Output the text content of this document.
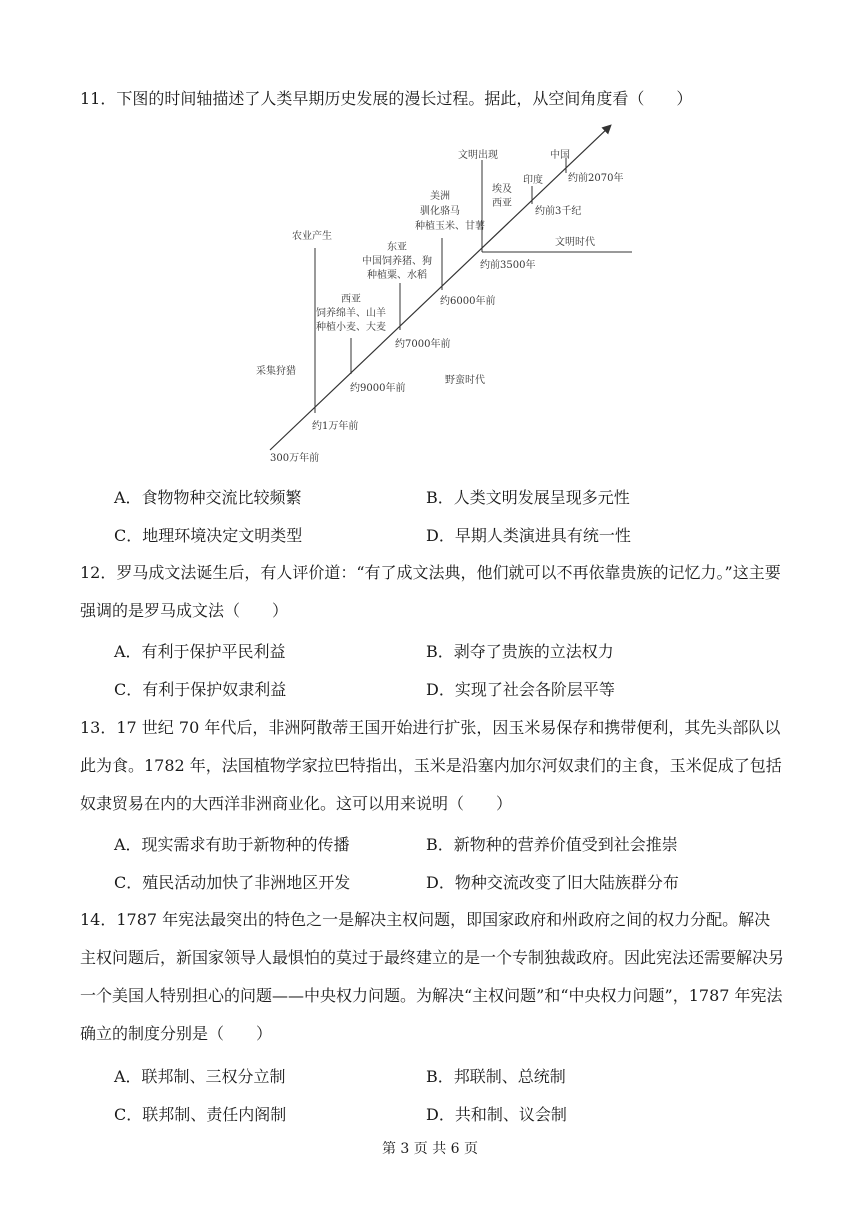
11．下图的时间轴描述了人类早期历史发展的漫长过程。据此，从空间角度看（　　）
300万年前
约1万年前
约9000年前
约7000年前
约6000年前
约前3500年
约前3千纪
约前2070年
农业产生
采集狩猎
野蛮时代
文明出现
文明时代
西亚
饲养绵羊、山羊
种植小麦、大麦
东亚
中国饲养猪、狗
种植粟、水稻
美洲
驯化骆马
种植玉米、甘薯
埃及
西亚
印度
中国
A．食物物种交流比较频繁	B．人类文明发展呈现多元性
C．地理环境决定文明类型	D．早期人类演进具有统一性
12．罗马成文法诞生后，有人评价道：“有了成文法典，他们就可以不再依靠贵族的记忆力。”这主要强调的是罗马成文法（　　）
A．有利于保护平民利益	B．剥夺了贵族的立法权力
C．有利于保护奴隶利益	D．实现了社会各阶层平等
13．17 世纪 70 年代后，非洲阿散蒂王国开始进行扩张，因玉米易保存和携带便利，其先头部队以此为食。1782 年，法国植物学家拉巴特指出，玉米是沿塞内加尔河奴隶们的主食，玉米促成了包括奴隶贸易在内的大西洋非洲商业化。这可以用来说明（　　）
A．现实需求有助于新物种的传播	B．新物种的营养价值受到社会推崇
C．殖民活动加快了非洲地区开发	D．物种交流改变了旧大陆族群分布
14．1787 年宪法最突出的特色之一是解决主权问题，即国家政府和州政府之间的权力分配。解决主权问题后，新国家领导人最惧怕的莫过于最终建立的是一个专制独裁政府。因此宪法还需要解决另一个美国人特别担心的问题——中央权力问题。为解决“主权问题”和“中央权力问题”，1787 年宪法确立的制度分别是（　　）
A．联邦制、三权分立制	B．邦联制、总统制
C．联邦制、责任内阁制	D．共和制、议会制
第 3 页 共 6 页
